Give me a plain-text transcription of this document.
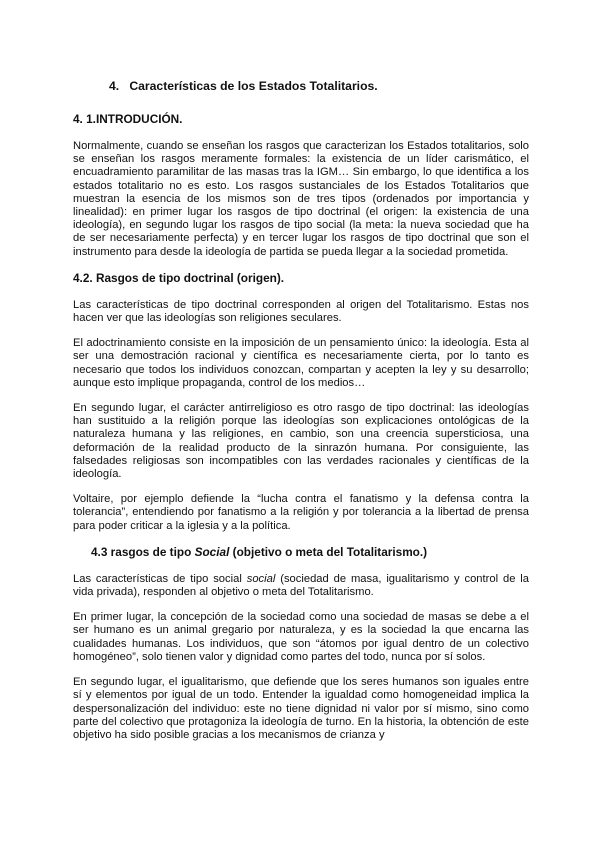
4.   Características de los Estados Totalitarios.
4. 1.INTRODUCIÓN.

Normalmente, cuando se enseñan los rasgos que caracterizan los Estados totalitarios, solo se enseñan los rasgos meramente formales: la existencia de un líder carismático, el encuadramiento paramilitar de las masas tras la IGM… Sin embargo, lo que identifica a los estados totalitario no es esto. Los rasgos sustanciales de los Estados Totalitarios que muestran la esencia de los mismos son de tres tipos (ordenados por importancia y linealidad): en primer lugar los rasgos de tipo doctrinal (el origen: la existencia de una ideología), en segundo lugar los rasgos de tipo social (la meta: la nueva sociedad que ha de ser necesariamente perfecta) y en tercer lugar los rasgos de tipo doctrinal que son el instrumento para desde la ideología de partida se pueda llegar a la sociedad prometida.

4.2. Rasgos de tipo doctrinal (origen).

Las características de tipo doctrinal corresponden al origen del Totalitarismo. Estas nos hacen ver que las ideologías son religiones seculares.

El adoctrinamiento consiste en la imposición de un pensamiento único: la ideología. Esta al ser una demostración racional y científica es necesariamente cierta, por lo tanto es necesario que todos los individuos conozcan, compartan y acepten la ley y su desarrollo; aunque esto implique propaganda, control de los medios…

En segundo lugar, el carácter antirreligioso es otro rasgo de tipo doctrinal: las ideologías han sustituido a la religión porque las ideologías son explicaciones ontológicas de la naturaleza humana y las religiones, en cambio, son una creencia supersticiosa, una deformación de la realidad producto de la sinrazón humana. Por consiguiente, las falsedades religiosas son incompatibles con las verdades racionales y científicas de la ideología.

Voltaire, por ejemplo defiende la “lucha contra el fanatismo y la defensa contra la tolerancia”, entendiendo por fanatismo a la religión y por tolerancia a la libertad de prensa para poder criticar a la iglesia y a la política.

4.3 rasgos de tipo Social (objetivo o meta del Totalitarismo.)

Las características de tipo social social (sociedad de masa, igualitarismo y control de la vida privada), responden al objetivo o meta del Totalitarismo.

En primer lugar, la concepción de la sociedad como una sociedad de masas se debe a el ser humano es un animal gregario por naturaleza, y es la sociedad la que encarna las cualidades humanas. Los individuos, que son “átomos por igual dentro de un colectivo homogéneo”, solo tienen valor y dignidad como partes del todo, nunca por sí solos.

En segundo lugar, el igualitarismo, que defiende que los seres humanos son iguales entre sí y elementos por igual de un todo. Entender la igualdad como homogeneidad implica la despersonalización del individuo: este no tiene dignidad ni valor por sí mismo, sino como parte del colectivo que protagoniza la ideología de turno. En la historia, la obtención de este objetivo ha sido posible gracias a los mecanismos de crianza y
